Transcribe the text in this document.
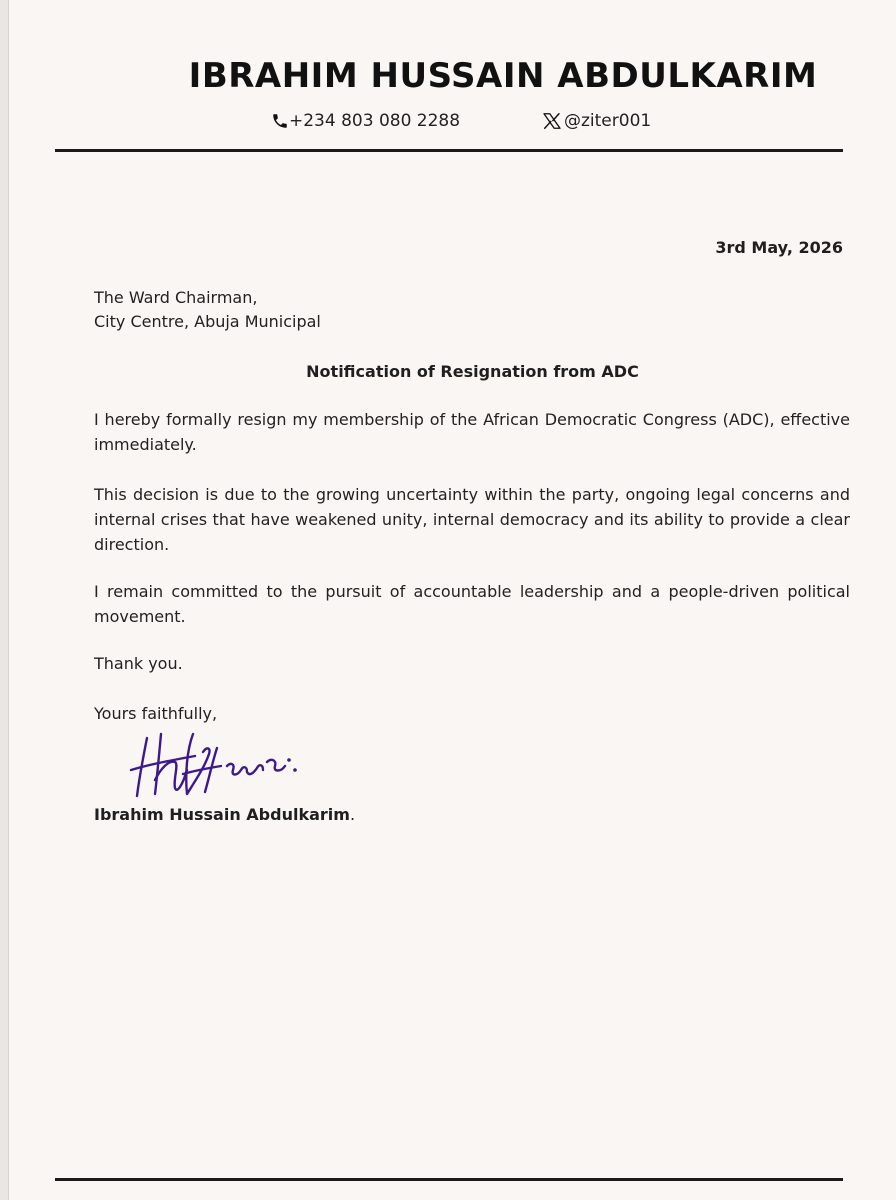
IBRAHIM HUSSAIN ABDULKARIM
+234 803 080 2288	@ziter001
3rd May, 2026
The Ward Chairman,
City Centre, Abuja Municipal
Notification of Resignation from ADC

I hereby formally resign my membership of the African Democratic Congress (ADC), effective immediately.

This decision is due to the growing uncertainty within the party, ongoing legal concerns and internal crises that have weakened unity, internal democracy and its ability to provide a clear direction.

I remain committed to the pursuit of accountable leadership and a people-driven political movement.

Thank you.
Yours faithfully,
Ibrahim Hussain Abdulkarim.
